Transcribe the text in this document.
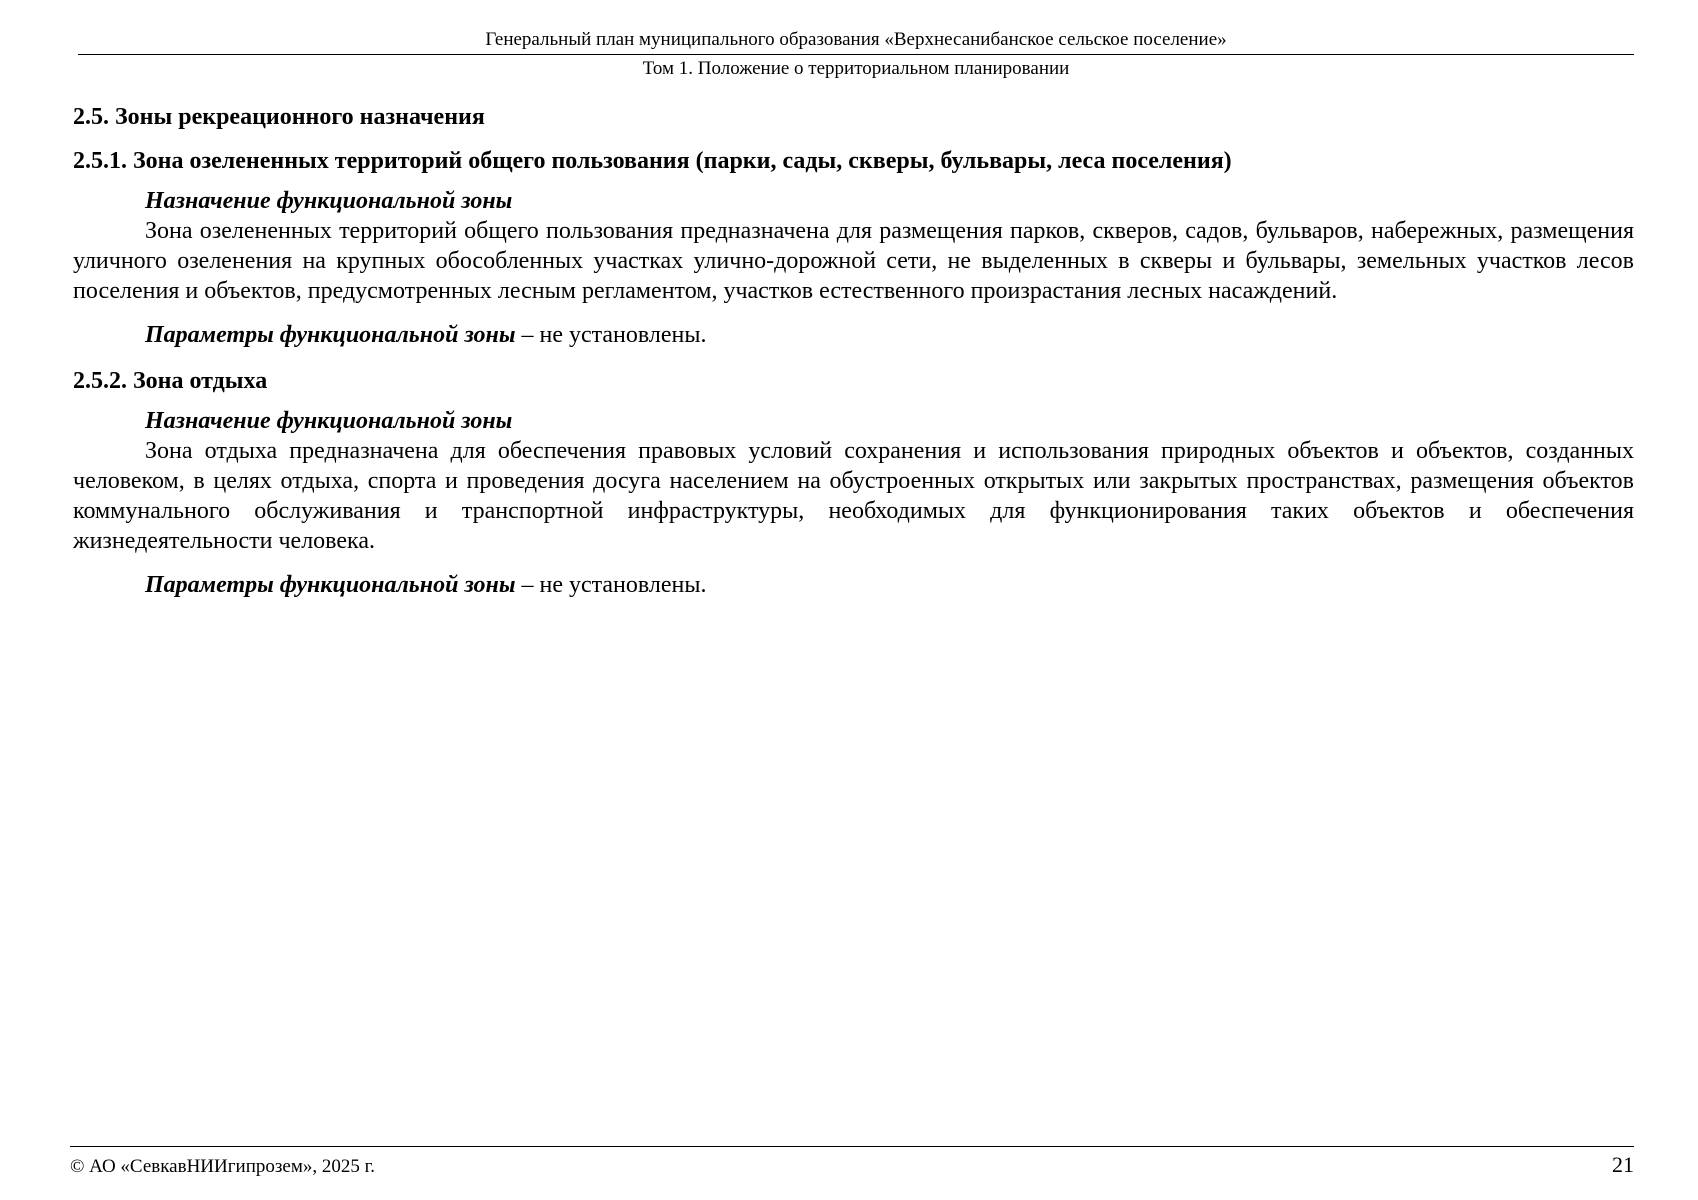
Генеральный план муниципального образования «Верхнесанибанское сельское поселение»
Том 1. Положение о территориальном планировании
2.5. Зоны рекреационного назначения
2.5.1. Зона озелененных территорий общего пользования (парки, сады, скверы, бульвары, леса поселения)

Назначение функциональной зоны

Зона озелененных территорий общего пользования предназначена для размещения парков, скверов, садов, бульваров, набережных, размещения уличного озеленения на крупных обособленных участках улично-дорожной сети, не выделенных в скверы и бульвары, земельных участков лесов поселения и объектов, предусмотренных лесным регламентом, участков естественного произрастания лесных насаждений.

Параметры функциональной зоны – не установлены.

2.5.2. Зона отдыха

Назначение функциональной зоны

Зона отдыха предназначена для обеспечения правовых условий сохранения и использования природных объектов и объектов, созданных человеком, в целях отдыха, спорта и проведения досуга населением на обустроенных открытых или закрытых пространствах, размещения объектов коммунального обслуживания и транспортной инфраструктуры, необходимых для функционирования таких объектов и обеспечения жизнедеятельности человека.

Параметры функциональной зоны – не установлены.

© АО «СевкавНИИгипрозем», 2025 г.	21
